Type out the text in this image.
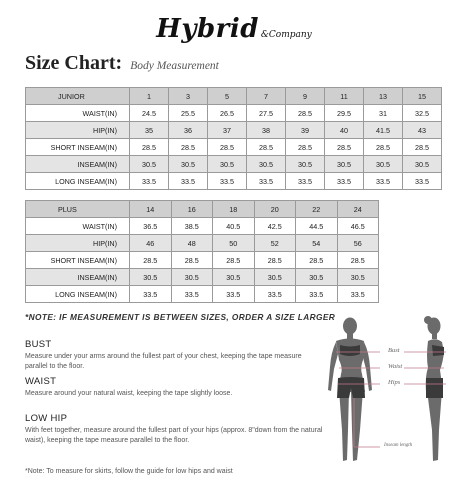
Hybrid &Company
Size Chart: Body Measurement
JUNIOR	1	3	5	7	9	11	13	15
WAIST(IN)	24.5	25.5	26.5	27.5	28.5	29.5	31	32.5
HIP(IN)	35	36	37	38	39	40	41.5	43
SHORT INSEAM(IN)	28.5	28.5	28.5	28.5	28.5	28.5	28.5	28.5
INSEAM(IN)	30.5	30.5	30.5	30.5	30.5	30.5	30.5	30.5
LONG INSEAM(IN)	33.5	33.5	33.5	33.5	33.5	33.5	33.5	33.5
PLUS	14	16	18	20	22	24
WAIST(IN)	36.5	38.5	40.5	42.5	44.5	46.5
HIP(IN)	46	48	50	52	54	56
SHORT INSEAM(IN)	28.5	28.5	28.5	28.5	28.5	28.5
INSEAM(IN)	30.5	30.5	30.5	30.5	30.5	30.5
LONG INSEAM(IN)	33.5	33.5	33.5	33.5	33.5	33.5
*NOTE: IF MEASUREMENT IS BETWEEN SIZES, ORDER A SIZE LARGER
BUST
Measure under your arms around the fullest part of your chest, keeping the tape measure parallel to the floor.
WAIST
Measure around your natural waist, keeping the tape slightly loose.
LOW HIP
With feet together, measure around the fullest part of your hips (approx. 8"down from the natural waist), keeping the tape measure parallel to the floor.
*Note: To measure for skirts, follow the guide for low hips and waist
Bust
Waist
Hips
Inseam length
